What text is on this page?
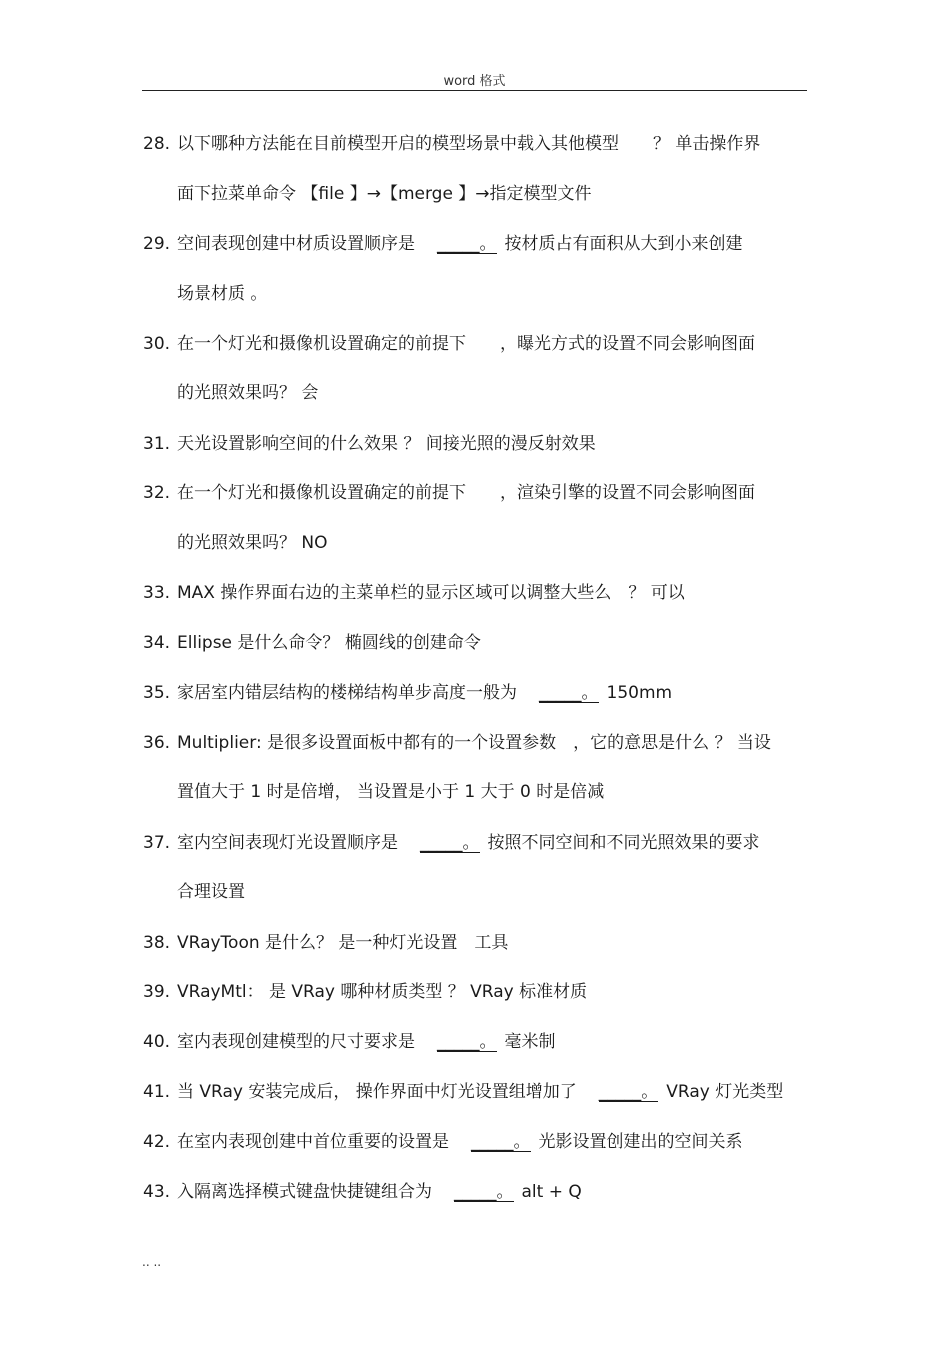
word 格式
28. 以下哪种方法能在目前模型开启的模型场景中载入其他模型　　？ 单击操作界
面下拉菜单命令 【file 】→【merge 】→指定模型文件
29. 空间表现创建中材质设置顺序是 _____。 按材质占有面积从大到小来创建
场景材质 。
30. 在一个灯光和摄像机设置确定的前提下　　，曝光方式的设置不同会影响图面
的光照效果吗？ 会
31. 天光设置影响空间的什么效果 ？ 间接光照的漫反射效果
32. 在一个灯光和摄像机设置确定的前提下　　，渲染引擎的设置不同会影响图面
的光照效果吗？ NO
33. MAX 操作界面右边的主菜单栏的显示区域可以调整大些么　？ 可以
34. Ellipse 是什么命令？ 椭圆线的创建命令
35. 家居室内错层结构的楼梯结构单步高度一般为 _____。 150mm
36. Multiplier: 是很多设置面板中都有的一个设置参数　，它的意思是什么 ？ 当设
置值大于 1 时是倍增， 当设置是小于 1 大于 0 时是倍减
37. 室内空间表现灯光设置顺序是 _____。 按照不同空间和不同光照效果的要求
合理设置
38. VRayToon 是什么？ 是一种灯光设置　工具
39. VRayMtl： 是 VRay 哪种材质类型 ？ VRay 标准材质
40. 室内表现创建模型的尺寸要求是 _____。 毫米制
41. 当 VRay 安装完成后， 操作界面中灯光设置组增加了 _____。 VRay 灯光类型
42. 在室内表现创建中首位重要的设置是 _____。 光影设置创建出的空间关系
43. 入隔离选择模式键盘快捷键组合为 _____。 alt + Q
.. ..
